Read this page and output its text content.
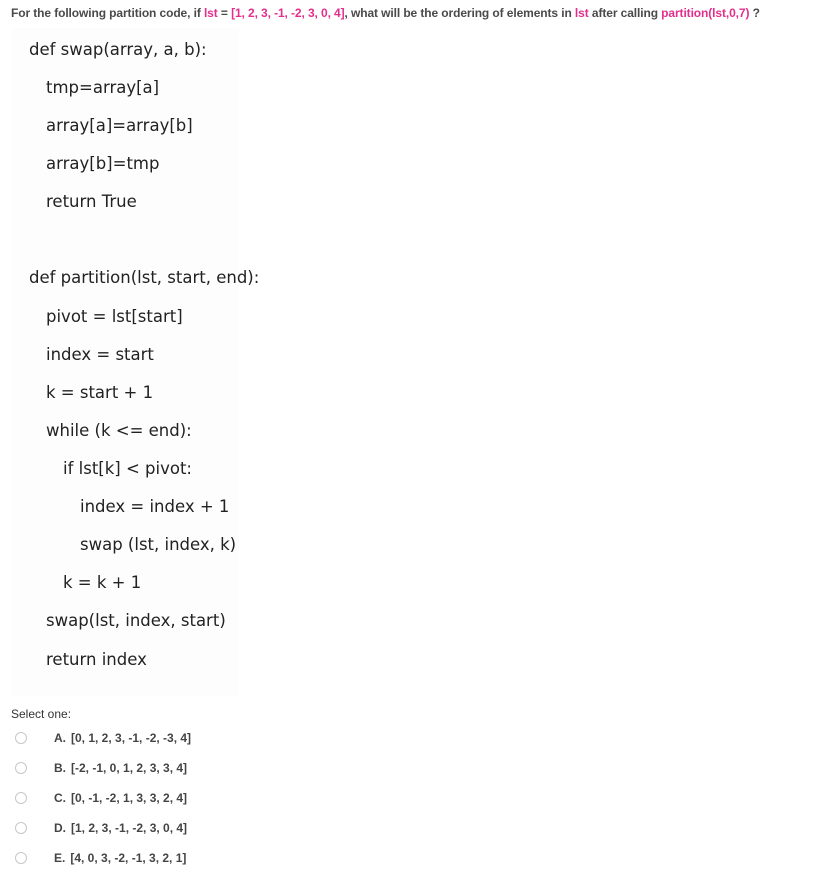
For the following partition code, if lst = [1, 2, 3, -1, -2, 3, 0, 4], what will be the ordering of elements in lst after calling partition(lst,0,7) ?
def swap(array, a, b):
tmp=array[a]
array[a]=array[b]
array[b]=tmp
return True
def partition(lst, start, end):
pivot = lst[start]
index = start
k = start + 1
while (k <= end):
if lst[k] < pivot:
index = index + 1
swap (lst, index, k)
k = k + 1
swap(lst, index, start)
return index
Select one:
A. [0, 1, 2, 3, -1, -2, -3, 4]
B. [-2, -1, 0, 1, 2, 3, 3, 4]
C. [0, -1, -2, 1, 3, 3, 2, 4]
D. [1, 2, 3, -1, -2, 3, 0, 4]
E. [4, 0, 3, -2, -1, 3, 2, 1]
